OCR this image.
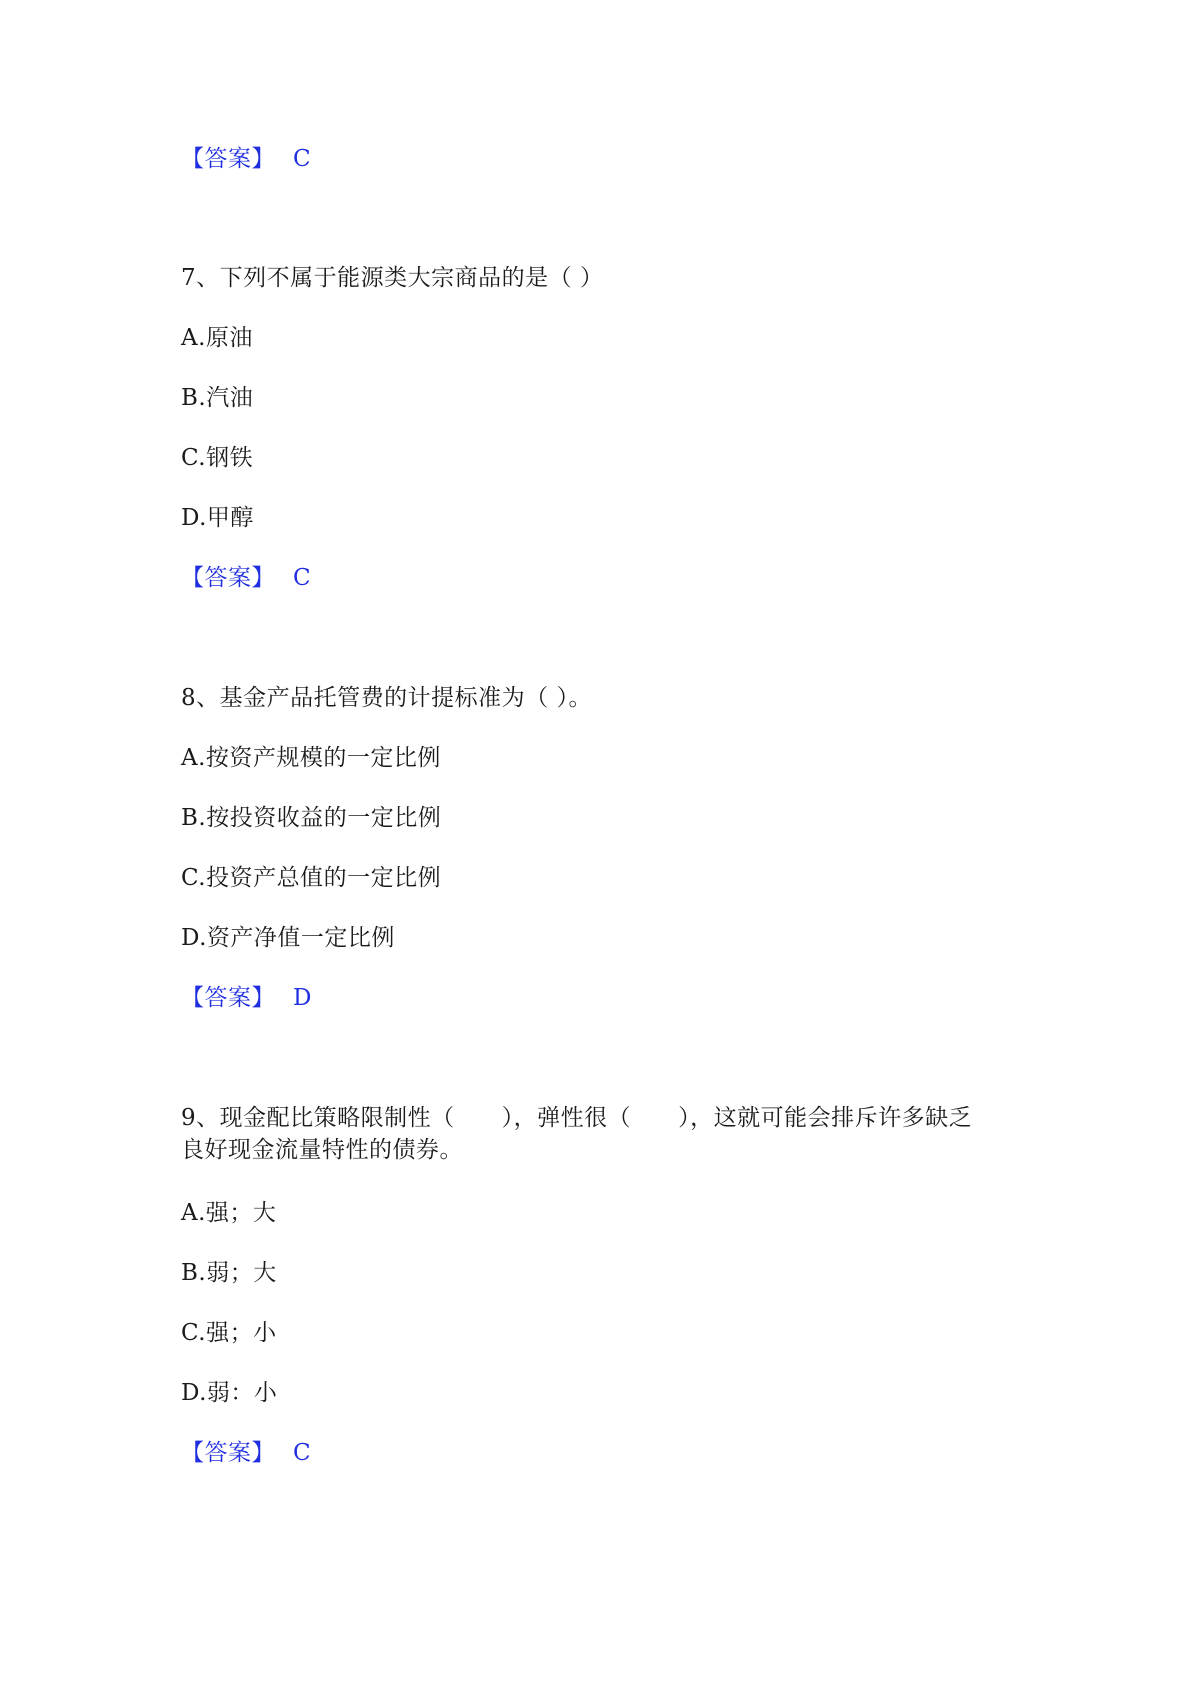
【答案】 C
7、下列不属于能源类大宗商品的是（ ）
A.原油
B.汽油
C.钢铁
D.甲醇
【答案】 C
8、基金产品托管费的计提标准为（ ）。
A.按资产规模的一定比例
B.按投资收益的一定比例
C.投资产总值的一定比例
D.资产净值一定比例
【答案】 D
9、现金配比策略限制性（　　），弹性很（　　），这就可能会排斥许多缺乏
良好现金流量特性的债券。
A.强；大
B.弱；大
C.强；小
D.弱：小
【答案】 C
